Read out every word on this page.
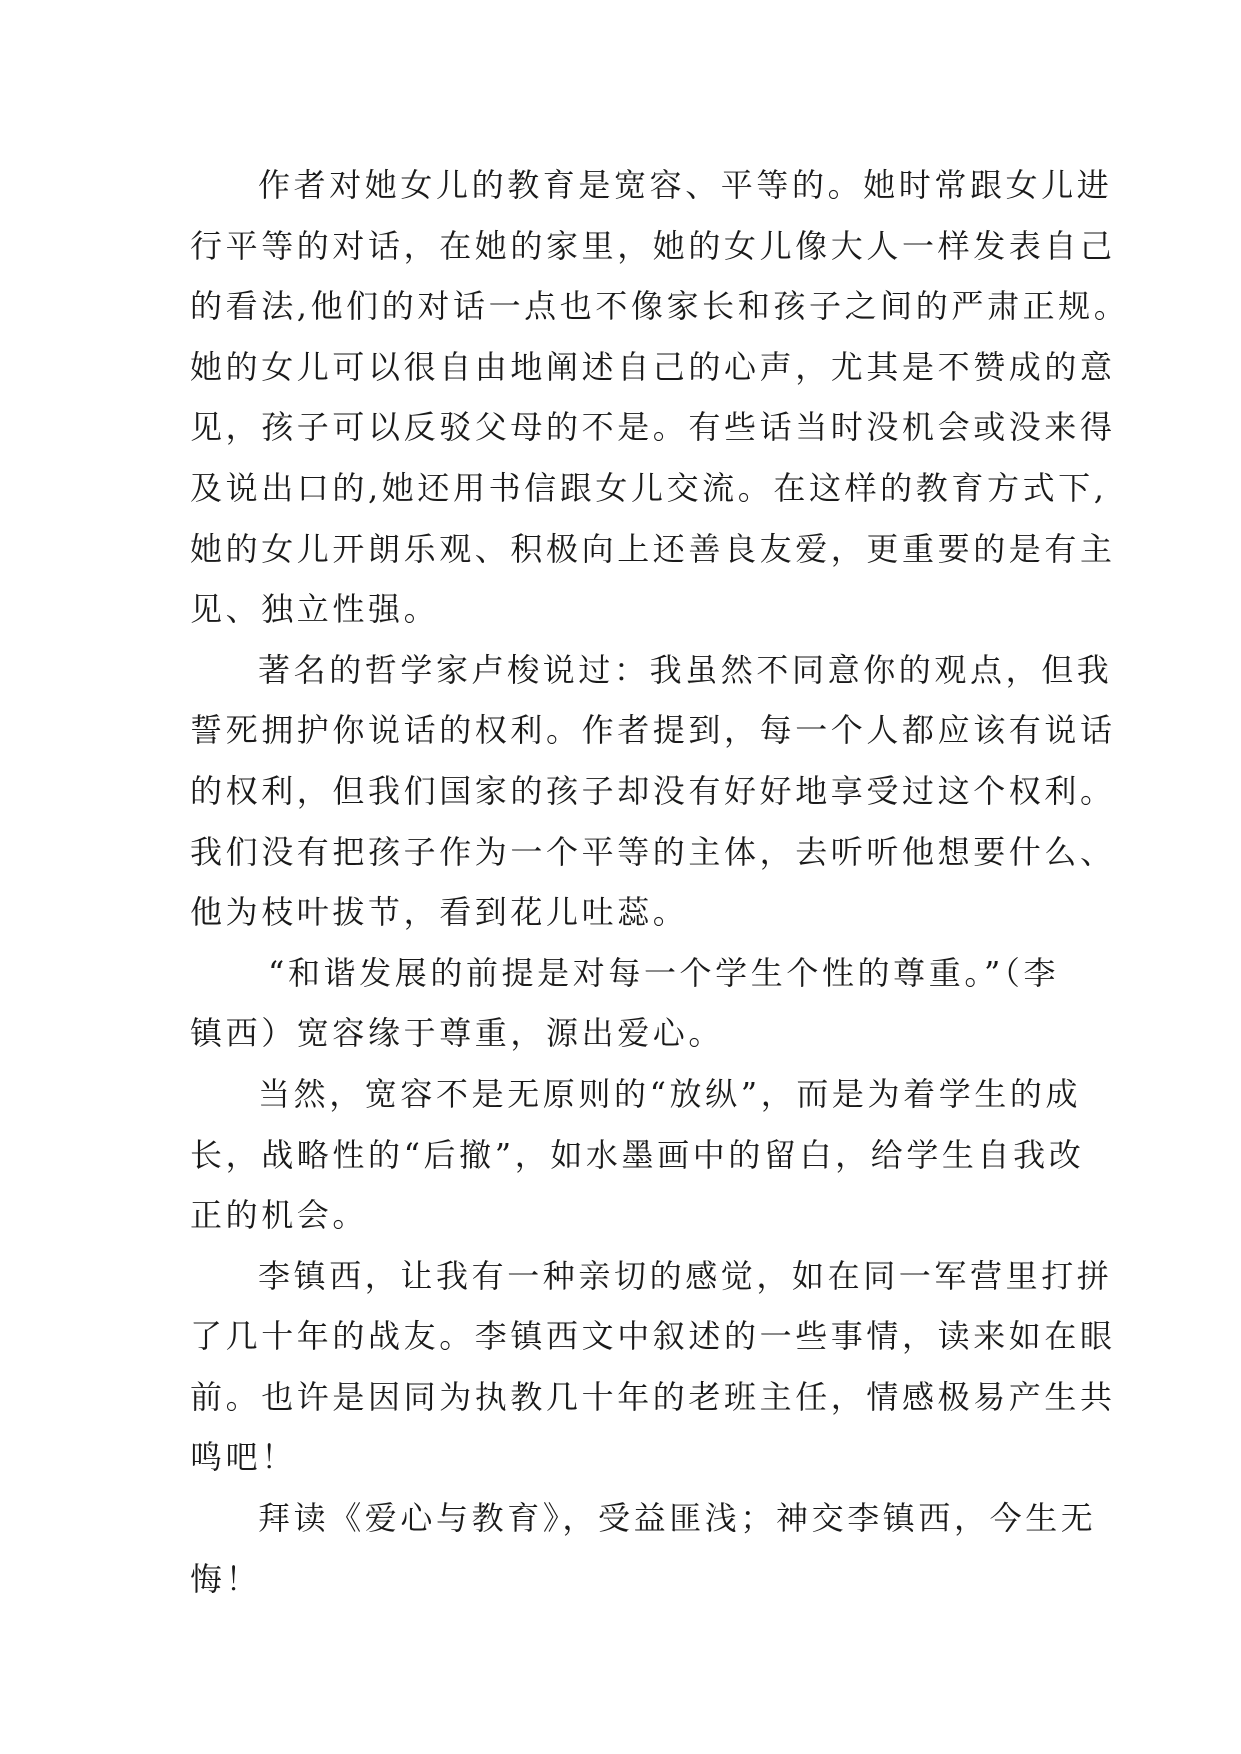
作者对她女儿的教育是宽容、平等的。她时常跟女儿进
行平等的对话，在她的家里，她的女儿像大人一样发表自己
的看法,他们的对话一点也不像家长和孩子之间的严肃正规。
她的女儿可以很自由地阐述自己的心声，尤其是不赞成的意
见，孩子可以反驳父母的不是。有些话当时没机会或没来得
及说出口的,她还用书信跟女儿交流。在这样的教育方式下,
她的女儿开朗乐观、积极向上还善良友爱，更重要的是有主
见、独立性强。
著名的哲学家卢梭说过：我虽然不同意你的观点，但我
誓死拥护你说话的权利。作者提到，每一个人都应该有说话
的权利，但我们国家的孩子却没有好好地享受过这个权利。
我们没有把孩子作为一个平等的主体，去听听他想要什么、
他为枝叶拔节，看到花儿吐蕊。
“和谐发展的前提是对每一个学生个性的尊重。”（李
镇西）宽容缘于尊重，源出爱心。
当然，宽容不是无原则的“放纵”，而是为着学生的成
长，战略性的“后撤”，如水墨画中的留白，给学生自我改
正的机会。
李镇西，让我有一种亲切的感觉，如在同一军营里打拼
了几十年的战友。李镇西文中叙述的一些事情，读来如在眼
前。也许是因同为执教几十年的老班主任，情感极易产生共
鸣吧！
拜读《爱心与教育》，受益匪浅；神交李镇西，今生无
悔！
